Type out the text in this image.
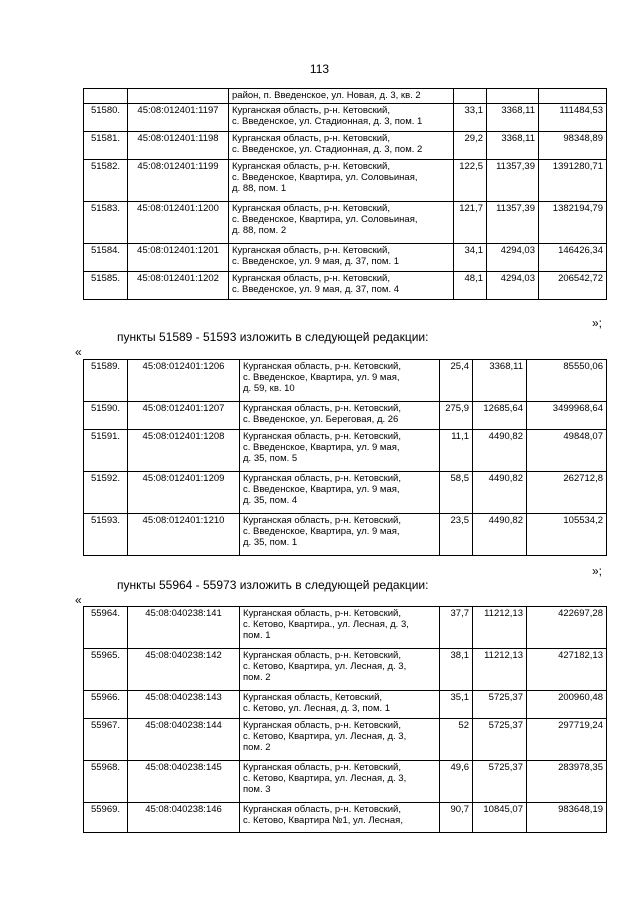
113

		район, п. Введенское, ул. Новая, д. 3, кв. 2			

51580.	45:08:012401:1197	Курганская область, р-н. Кетовский,
с. Введенское, ул. Стадионная, д. 3, пом. 1	33,1	3368,11	111484,53
51581.	45:08:012401:1198	Курганская область, р-н. Кетовский,
с. Введенское, ул. Стадионная, д. 3, пом. 2	29,2	3368,11	98348,89
51582.	45:08:012401:1199	Курганская область, р-н. Кетовский,
с. Введенское, Квартира, ул. Соловьиная,
д. 88, пом. 1	122,5	11357,39	1391280,71
51583.	45:08:012401:1200	Курганская область, р-н. Кетовский,
с. Введенское, Квартира, ул. Соловьиная,
д. 88, пом. 2	121,7	11357,39	1382194,79
51584.	45:08:012401:1201	Курганская область, р-н. Кетовский,
с. Введенское, ул. 9 мая, д. 37, пом. 1	34,1	4294,03	146426,34
51585.	45:08:012401:1202	Курганская область, р-н. Кетовский,
с. Введенское, ул. 9 мая, д. 37, пом. 4	48,1	4294,03	206542,72
»;
пункты 51589 - 51593 изложить в следующей редакции:
«
51589.	45:08:012401:1206	Курганская область, р-н. Кетовский,
с. Введенское, Квартира, ул. 9 мая,
д. 59, кв. 10	25,4	3368,11	85550,06
51590.	45:08:012401:1207	Курганская область, р-н. Кетовский,
с. Введенское, ул. Береговая, д. 26	275,9	12685,64	3499968,64
51591.	45:08:012401:1208	Курганская область, р-н. Кетовский,
с. Введенское, Квартира, ул. 9 мая,
д. 35, пом. 5	11,1	4490,82	49848,07
51592.	45:08:012401:1209	Курганская область, р-н. Кетовский,
с. Введенское, Квартира, ул. 9 мая,
д. 35, пом. 4	58,5	4490,82	262712,8
51593.	45:08:012401:1210	Курганская область, р-н. Кетовский,
с. Введенское, Квартира, ул. 9 мая,
д. 35, пом. 1	23,5	4490,82	105534,2
»;
пункты 55964 - 55973 изложить в следующей редакции:
«
55964.	45:08:040238:141	Курганская область, р-н. Кетовский,
с. Кетово, Квартира., ул. Лесная, д. 3,
пом. 1	37,7	11212,13	422697,28
55965.	45:08:040238:142	Курганская область, р-н. Кетовский,
с. Кетово, Квартира, ул. Лесная, д. 3,
пом. 2	38,1	11212,13	427182,13
55966.	45:08:040238:143	Курганская область, Кетовский,
с. Кетово, ул. Лесная, д. 3, пом. 1	35,1	5725,37	200960,48
55967.	45:08:040238:144	Курганская область, р-н. Кетовский,
с. Кетово, Квартира, ул. Лесная, д. 3,
пом. 2	52	5725,37	297719,24
55968.	45:08:040238:145	Курганская область, р-н. Кетовский,
с. Кетово, Квартира, ул. Лесная, д. 3,
пом. 3	49,6	5725,37	283978,35
55969.	45:08:040238:146	Курганская область, р-н. Кетовский,
с. Кетово, Квартира №1, ул. Лесная,	90,7	10845,07	983648,19
